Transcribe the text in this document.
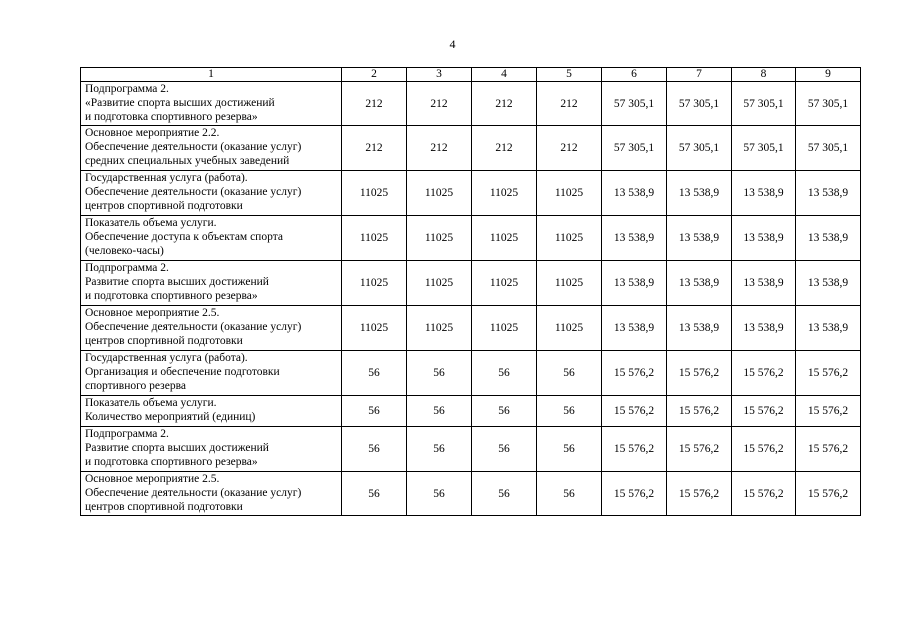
4
1	2	3	4	5	6	7	8	9

Подпрограмма 2.
«Развитие спорта высших достижений
и подготовка спортивного резерва»	212	212	212	212	57 305,1	57 305,1	57 305,1	57 305,1

Основное мероприятие 2.2.
Обеспечение деятельности (оказание услуг)
средних специальных учебных заведений	212	212	212	212	57 305,1	57 305,1	57 305,1	57 305,1

Государственная услуга (работа).
Обеспечение деятельности (оказание услуг)
центров спортивной подготовки	11025	11025	11025	11025	13 538,9	13 538,9	13 538,9	13 538,9

Показатель объема услуги.
Обеспечение доступа к объектам спорта
(человеко-часы)	11025	11025	11025	11025	13 538,9	13 538,9	13 538,9	13 538,9

Подпрограмма 2.
Развитие спорта высших достижений
и подготовка спортивного резерва»	11025	11025	11025	11025	13 538,9	13 538,9	13 538,9	13 538,9

Основное мероприятие 2.5.
Обеспечение деятельности (оказание услуг)
центров спортивной подготовки	11025	11025	11025	11025	13 538,9	13 538,9	13 538,9	13 538,9

Государственная услуга (работа).
Организация и обеспечение подготовки
спортивного резерва	56	56	56	56	15 576,2	15 576,2	15 576,2	15 576,2

Показатель объема услуги.
Количество мероприятий (единиц)	56	56	56	56	15 576,2	15 576,2	15 576,2	15 576,2

Подпрограмма 2.
Развитие спорта высших достижений
и подготовка спортивного резерва»	56	56	56	56	15 576,2	15 576,2	15 576,2	15 576,2

Основное мероприятие 2.5.
Обеспечение деятельности (оказание услуг)
центров спортивной подготовки	56	56	56	56	15 576,2	15 576,2	15 576,2	15 576,2
